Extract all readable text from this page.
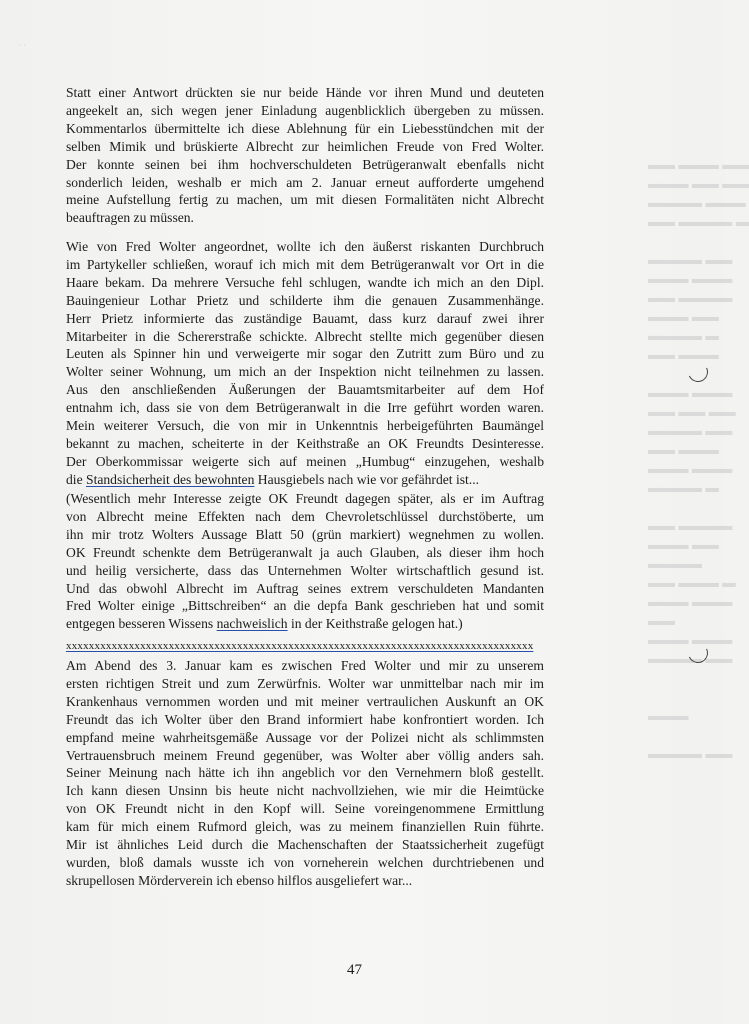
· ·
▬▬ ▬▬▬ ▬▬
▬▬▬ ▬▬ ▬▬
▬▬▬▬ ▬▬▬
▬▬ ▬▬▬▬ ▬
▬▬▬▬ ▬▬
▬▬▬ ▬▬▬
▬▬ ▬▬▬▬
▬▬▬ ▬▬
▬▬▬▬ ▬
▬▬ ▬▬▬
▬▬▬ ▬▬▬
▬▬ ▬▬ ▬▬
▬▬▬▬ ▬▬
▬▬ ▬▬▬
▬▬▬ ▬▬▬
▬▬▬▬ ▬
▬▬ ▬▬▬▬
▬▬▬ ▬▬
▬▬▬▬
▬▬ ▬▬▬ ▬
▬▬▬ ▬▬▬
▬▬
▬▬▬ ▬▬▬
▬▬▬▬ ▬▬
▬▬▬
▬▬▬▬ ▬▬
Statt einer Antwort drückten sie nur beide Hände vor ihren Mund und deuteten
angeekelt an, sich wegen jener Einladung augenblicklich übergeben zu müssen.
Kommentarlos übermittelte ich diese Ablehnung für ein Liebesstündchen mit der
selben Mimik und brüskierte Albrecht zur heimlichen Freude von Fred Wolter.
Der konnte seinen bei ihm hochverschuldeten Betrügeranwalt ebenfalls nicht
sonderlich leiden, weshalb er mich am 2. Januar erneut aufforderte umgehend
meine Aufstellung fertig zu machen, um mit diesen Formalitäten nicht Albrecht
beauftragen zu müssen.
Wie von Fred Wolter angeordnet, wollte ich den äußerst riskanten Durchbruch
im Partykeller schließen, worauf ich mich mit dem Betrügeranwalt vor Ort in die
Haare bekam. Da mehrere Versuche fehl schlugen, wandte ich mich an den Dipl.
Bauingenieur Lothar Prietz und schilderte ihm die genauen Zusammenhänge.
Herr Prietz informierte das zuständige Bauamt, dass kurz darauf zwei ihrer
Mitarbeiter in die Schererstraße schickte. Albrecht stellte mich gegenüber diesen
Leuten als Spinner hin und verweigerte mir sogar den Zutritt zum Büro und zu
Wolter seiner Wohnung, um mich an der Inspektion nicht teilnehmen zu lassen.
Aus den anschließenden Äußerungen der Bauamtsmitarbeiter auf dem Hof
entnahm ich, dass sie von dem Betrügeranwalt in die Irre geführt worden waren.
Mein weiterer Versuch, die von mir in Unkenntnis herbeigeführten Baumängel
bekannt zu machen, scheiterte in der Keithstraße an OK Freundts Desinteresse.
Der Oberkommissar weigerte sich auf meinen „Humbug“ einzugehen, weshalb
die Standsicherheit des bewohnten Hausgiebels nach wie vor gefährdet ist...
(Wesentlich mehr Interesse zeigte OK Freundt dagegen später, als er im Auftrag
von Albrecht meine Effekten nach dem Chevroletschlüssel durchstöberte, um
ihn mir trotz Wolters Aussage Blatt 50 (grün markiert) wegnehmen zu wollen.
OK Freundt schenkte dem Betrügeranwalt ja auch Glauben, als dieser ihm hoch
und heilig versicherte, dass das Unternehmen Wolter wirtschaftlich gesund ist.
Und das obwohl Albrecht im Auftrag seines extrem verschuldeten Mandanten
Fred Wolter einige „Bittschreiben“ an die depfa Bank geschrieben hat und somit
entgegen besseren Wissens nachweislich in der Keithstraße gelogen hat.)
xxxxxxxxxxxxxxxxxxxxxxxxxxxxxxxxxxxxxxxxxxxxxxxxxxxxxxxxxxxxxxxxxxxxxxxxxxxxxxxxxx
Am Abend des 3. Januar kam es zwischen Fred Wolter und mir zu unserem
ersten richtigen Streit und zum Zerwürfnis. Wolter war unmittelbar nach mir im
Krankenhaus vernommen worden und mit meiner vertraulichen Auskunft an OK
Freundt das ich Wolter über den Brand informiert habe konfrontiert worden. Ich
empfand meine wahrheitsgemäße Aussage vor der Polizei nicht als schlimmsten
Vertrauensbruch meinem Freund gegenüber, was Wolter aber völlig anders sah.
Seiner Meinung nach hätte ich ihn angeblich vor den Vernehmern bloß gestellt.
Ich kann diesen Unsinn bis heute nicht nachvollziehen, wie mir die Heimtücke
von OK Freundt nicht in den Kopf will. Seine voreingenommene Ermittlung
kam für mich einem Rufmord gleich, was zu meinem finanziellen Ruin führte.
Mir ist ähnliches Leid durch die Machenschaften der Staatssicherheit zugefügt
wurden, bloß damals wusste ich von vorneherein welchen durchtriebenen und
skrupellosen Mörderverein ich ebenso hilflos ausgeliefert war...
47
